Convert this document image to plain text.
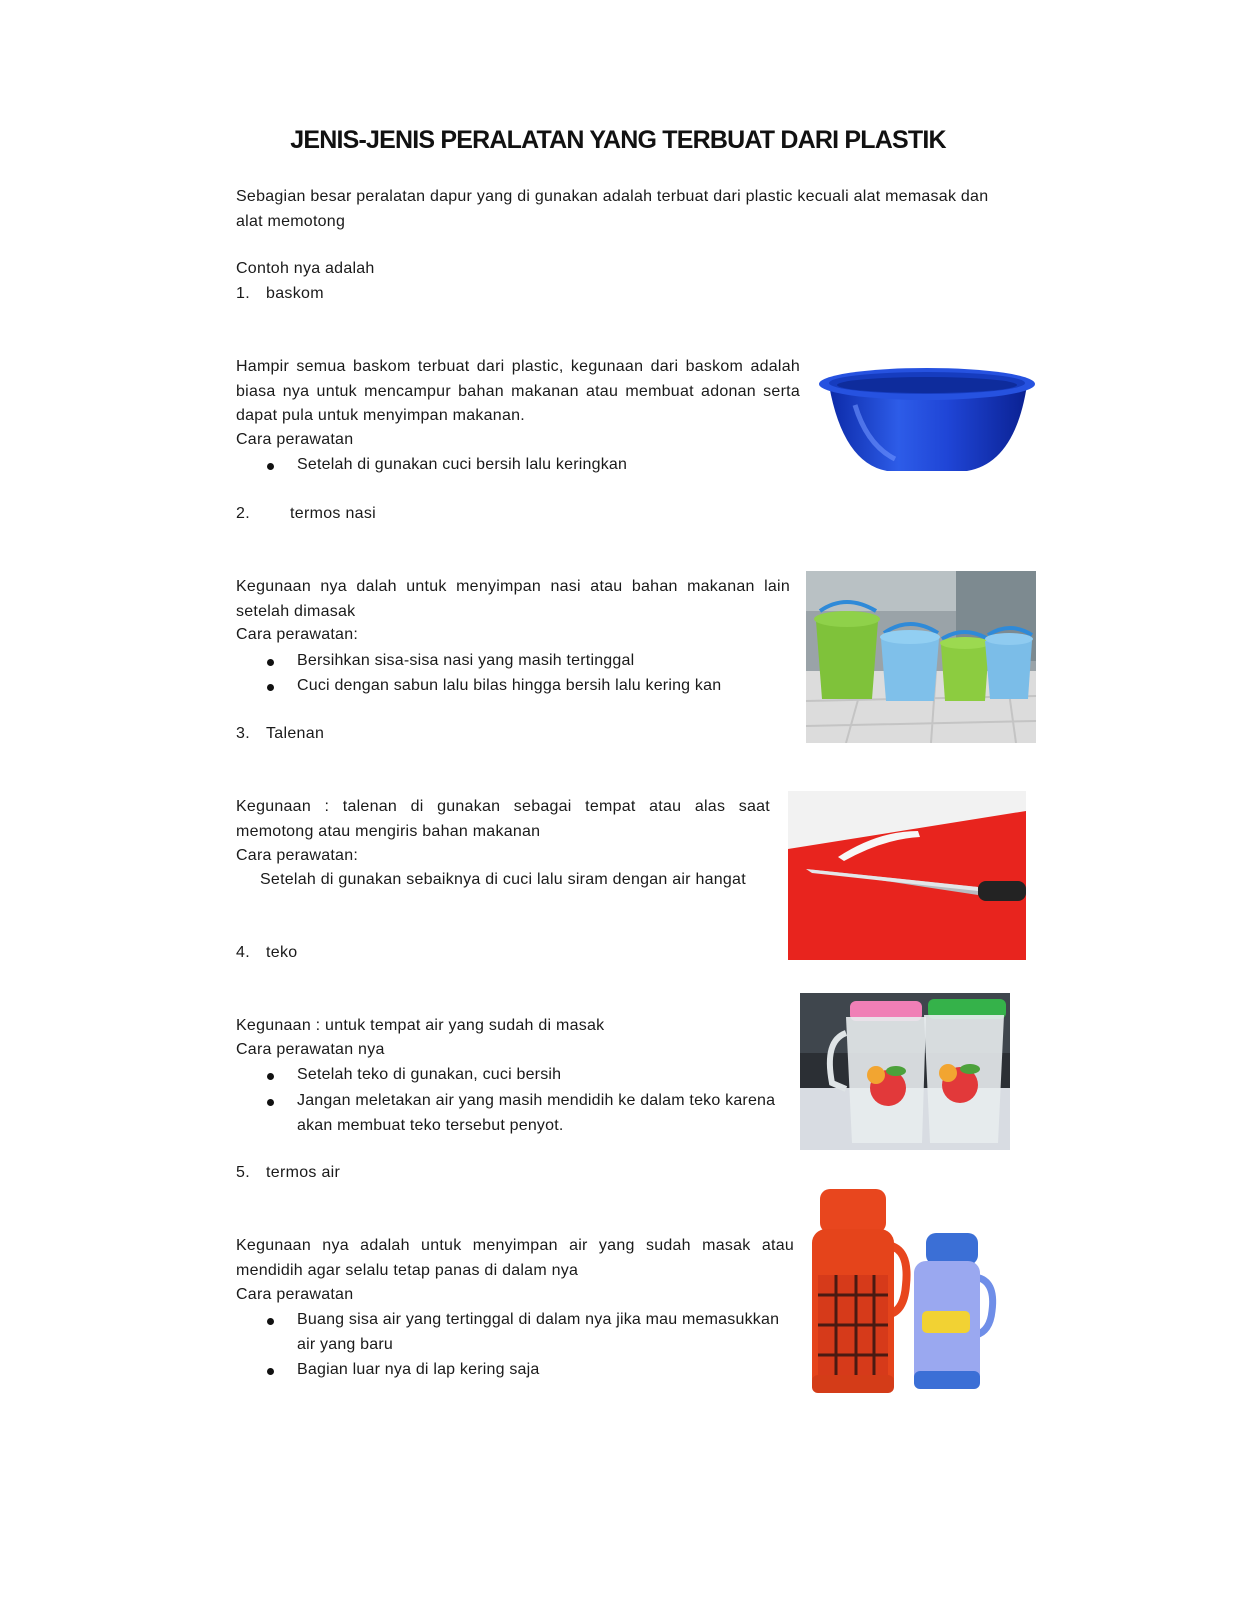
JENIS-JENIS PERALATAN YANG TERBUAT DARI PLASTIK
Sebagian besar peralatan dapur yang di gunakan adalah terbuat dari plastic kecuali alat memasak dan alat memotong
Contoh nya adalah
1. baskom
Hampir semua baskom terbuat dari plastic, kegunaan dari baskom adalah biasa nya untuk mencampur bahan makanan atau membuat adonan serta dapat pula untuk menyimpan makanan.
Cara perawatan
Setelah di gunakan cuci bersih lalu keringkan
2.	termos nasi
Kegunaan nya dalah untuk menyimpan nasi atau bahan makanan lain setelah dimasak
Cara perawatan:
Bersihkan sisa-sisa nasi yang masih tertinggal
Cuci dengan sabun lalu bilas hingga bersih lalu kering kan
3. Talenan
Kegunaan : talenan di gunakan sebagai tempat atau alas saat memotong atau mengiris bahan makanan
Cara perawatan:
Setelah di gunakan sebaiknya di cuci lalu siram dengan air hangat
4. teko
Kegunaan : untuk tempat air yang sudah di masak
Cara perawatan nya
Setelah teko di gunakan, cuci bersih
Jangan meletakan air yang masih mendidih ke dalam teko karena akan membuat teko tersebut penyot.
5. termos air
Kegunaan nya adalah untuk menyimpan air yang sudah masak atau mendidih agar selalu tetap panas di dalam nya
Cara perawatan
Buang sisa air yang tertinggal di dalam nya jika mau memasukkan air yang baru
Bagian luar nya di lap kering saja
